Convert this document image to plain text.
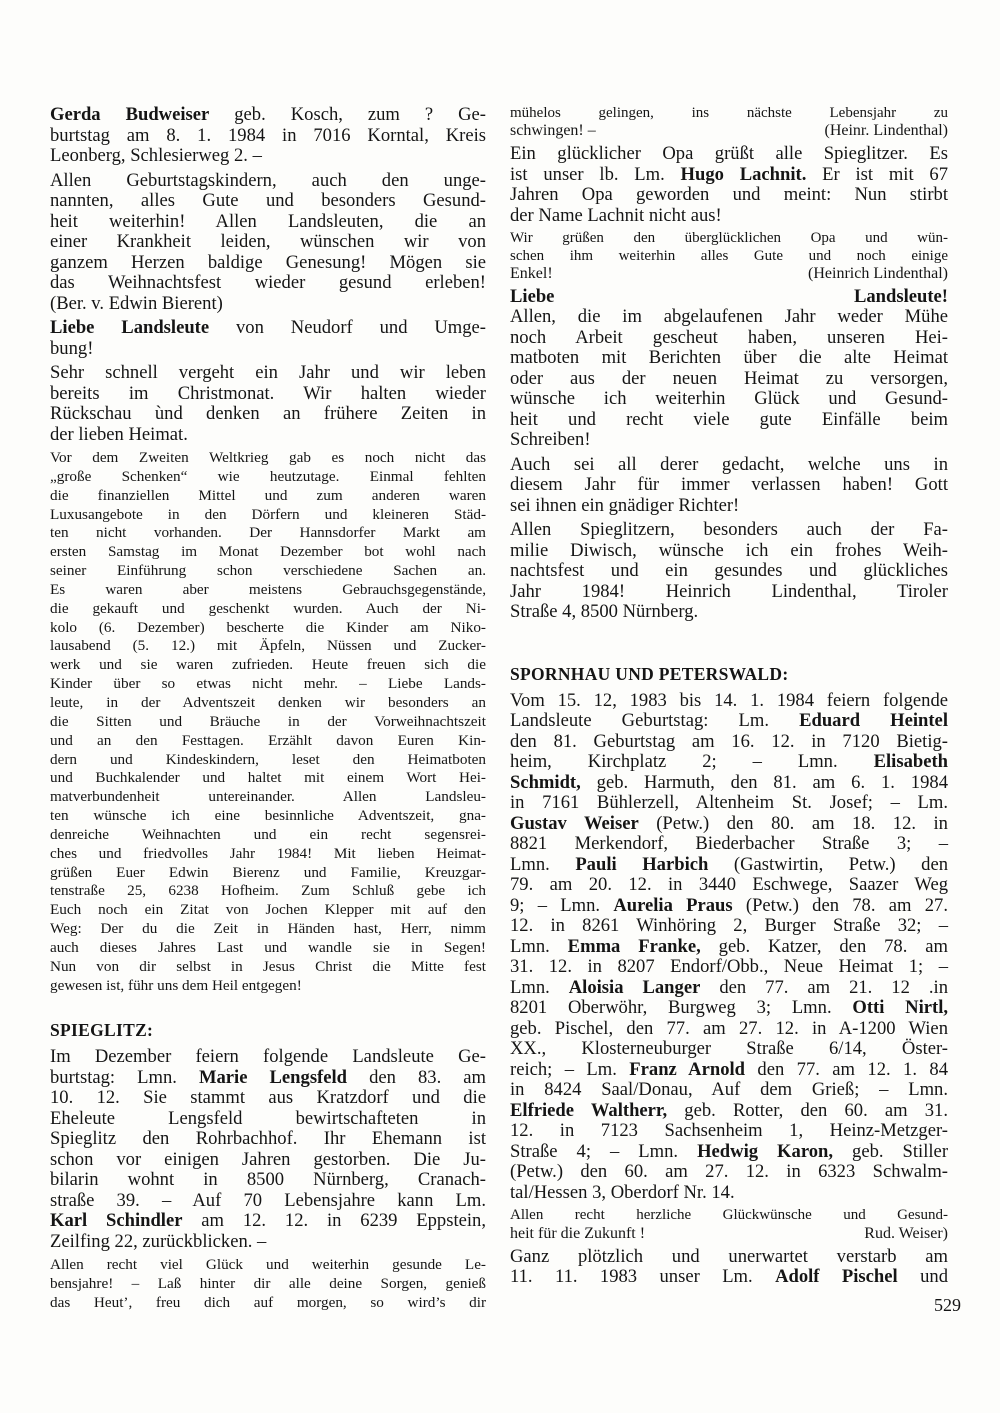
Gerda Budweiser geb. Kosch, zum ? Ge-
burtstag am 8. 1. 1984 in 7016 Korntal, Kreis
Leonberg, Schlesierweg 2. –
Allen Geburtstagskindern, auch den unge-
nannten, alles Gute und besonders Gesund-
heit weiterhin! Allen Landsleuten, die an
einer Krankheit leiden, wünschen wir von
ganzem Herzen baldige Genesung! Mögen sie
das Weihnachtsfest wieder gesund erleben!
(Ber. v. Edwin Bierent)
Liebe Landsleute von Neudorf und Umge-
bung!
Sehr schnell vergeht ein Jahr und wir leben
bereits im Christmonat. Wir halten wieder
Rückschau ùnd denken an frühere Zeiten in
der lieben Heimat.
Vor dem Zweiten Weltkrieg gab es noch nicht das
„große Schenken“ wie heutzutage. Einmal fehlten
die finanziellen Mittel und zum anderen waren
Luxusangebote in den Dörfern und kleineren Städ-
ten nicht vorhanden. Der Hannsdorfer Markt am
ersten Samstag im Monat Dezember bot wohl nach
seiner Einführung schon verschiedene Sachen an.
Es waren aber meistens Gebrauchsgegenstände,
die gekauft und geschenkt wurden. Auch der Ni-
kolo (6. Dezember) bescherte die Kinder am Niko-
lausabend (5. 12.) mit Äpfeln, Nüssen und Zucker-
werk und sie waren zufrieden. Heute freuen sich die
Kinder über so etwas nicht mehr. – Liebe Lands-
leute, in der Adventszeit denken wir besonders an
die Sitten und Bräuche in der Vorweihnachtszeit
und an den Festtagen. Erzählt davon Euren Kin-
dern und Kindeskindern, leset den Heimatboten
und Buchkalender und haltet mit einem Wort Hei-
matverbundenheit untereinander. Allen Landsleu-
ten wünsche ich eine besinnliche Adventszeit, gna-
denreiche Weihnachten und ein recht segensrei-
ches und friedvolles Jahr 1984! Mit lieben Heimat-
grüßen Euer Edwin Bierenz und Familie, Kreuzgar-
tenstraße 25, 6238 Hofheim. Zum Schluß gebe ich
Euch noch ein Zitat von Jochen Klepper mit auf den
Weg: Der du die Zeit in Händen hast, Herr, nimm
auch dieses Jahres Last und wandle sie in Segen!
Nun von dir selbst in Jesus Christ die Mitte fest
gewesen ist, führ uns dem Heil entgegen!
SPIEGLITZ:
Im Dezember feiern folgende Landsleute Ge-
burtstag: Lmn. Marie Lengsfeld den 83. am
10. 12. Sie stammt aus Kratzdorf und die
Eheleute Lengsfeld bewirtschafteten in
Spieglitz den Rohrbachhof. Ihr Ehemann ist
schon vor einigen Jahren gestorben. Die Ju-
bilarin wohnt in 8500 Nürnberg, Cranach-
straße 39. – Auf 70 Lebensjahre kann Lm.
Karl Schindler am 12. 12. in 6239 Eppstein,
Zeilfing 22, zurückblicken. –
Allen recht viel Glück und weiterhin gesunde Le-
bensjahre! – Laß hinter dir alle deine Sorgen, genieß
das Heut’, freu dich auf morgen, so wird’s dir
mühelos gelingen, ins nächste Lebensjahr zu
schwingen! –	(Heinr. Lindenthal)
Ein glücklicher Opa grüßt alle Spieglitzer. Es
ist unser lb. Lm. Hugo Lachnit. Er ist mit 67
Jahren Opa geworden und meint: Nun stirbt
der Name Lachnit nicht aus!
Wir grüßen den überglücklichen Opa und wün-
schen ihm weiterhin alles Gute und noch einige
Enkel!	(Heinrich Lindenthal)
Liebe Landsleute!
Allen, die im abgelaufenen Jahr weder Mühe
noch Arbeit gescheut haben, unseren Hei-
matboten mit Berichten über die alte Heimat
oder aus der neuen Heimat zu versorgen,
wünsche ich weiterhin Glück und Gesund-
heit und recht viele gute Einfälle beim
Schreiben!
Auch sei all derer gedacht, welche uns in
diesem Jahr für immer verlassen haben! Gott
sei ihnen ein gnädiger Richter!
Allen Spieglitzern, besonders auch der Fa-
milie Diwisch, wünsche ich ein frohes Weih-
nachtsfest und ein gesundes und glückliches
Jahr 1984! Heinrich Lindenthal, Tiroler
Straße 4, 8500 Nürnberg.
SPORNHAU UND PETERSWALD:
Vom 15. 12, 1983 bis 14. 1. 1984 feiern folgende
Landsleute Geburtstag: Lm. Eduard Heintel
den 81. Geburtstag am 16. 12. in 7120 Bietig-
heim, Kirchplatz 2; – Lmn. Elisabeth
Schmidt, geb. Harmuth, den 81. am 6. 1. 1984
in 7161 Bühlerzell, Altenheim St. Josef; – Lm.
Gustav Weiser (Petw.) den 80. am 18. 12. in
8821 Merkendorf, Biederbacher Straße 3; –
Lmn. Pauli Harbich (Gastwirtin, Petw.) den
79. am 20. 12. in 3440 Eschwege, Saazer Weg
9; – Lmn. Aurelia Praus (Petw.) den 78. am 27.
12. in 8261 Winhöring 2, Burger Straße 32; –
Lmn. Emma Franke, geb. Katzer, den 78. am
31. 12. in 8207 Endorf/Obb., Neue Heimat 1; –
Lmn. Aloisia Langer den 77. am 21. 12 .in
8201 Oberwöhr, Burgweg 3; Lmn. Otti Nirtl,
geb. Pischel, den 77. am 27. 12. in A-1200 Wien
XX., Klosterneuburger Straße 6/14, Öster-
reich; – Lm. Franz Arnold den 77. am 12. 1. 84
in 8424 Saal/Donau, Auf dem Grieß; – Lmn.
Elfriede Waltherr, geb. Rotter, den 60. am 31.
12. in 7123 Sachsenheim 1, Heinz-Metzger-
Straße 4; – Lmn. Hedwig Karon, geb. Stiller
(Petw.) den 60. am 27. 12. in 6323 Schwalm-
tal/Hessen 3, Oberdorf Nr. 14.
Allen recht herzliche Glückwünsche und Gesund-
heit für die Zukunft !	Rud. Weiser)
Ganz plötzlich und unerwartet verstarb am
11. 11. 1983 unser Lm. Adolf Pischel und
529
